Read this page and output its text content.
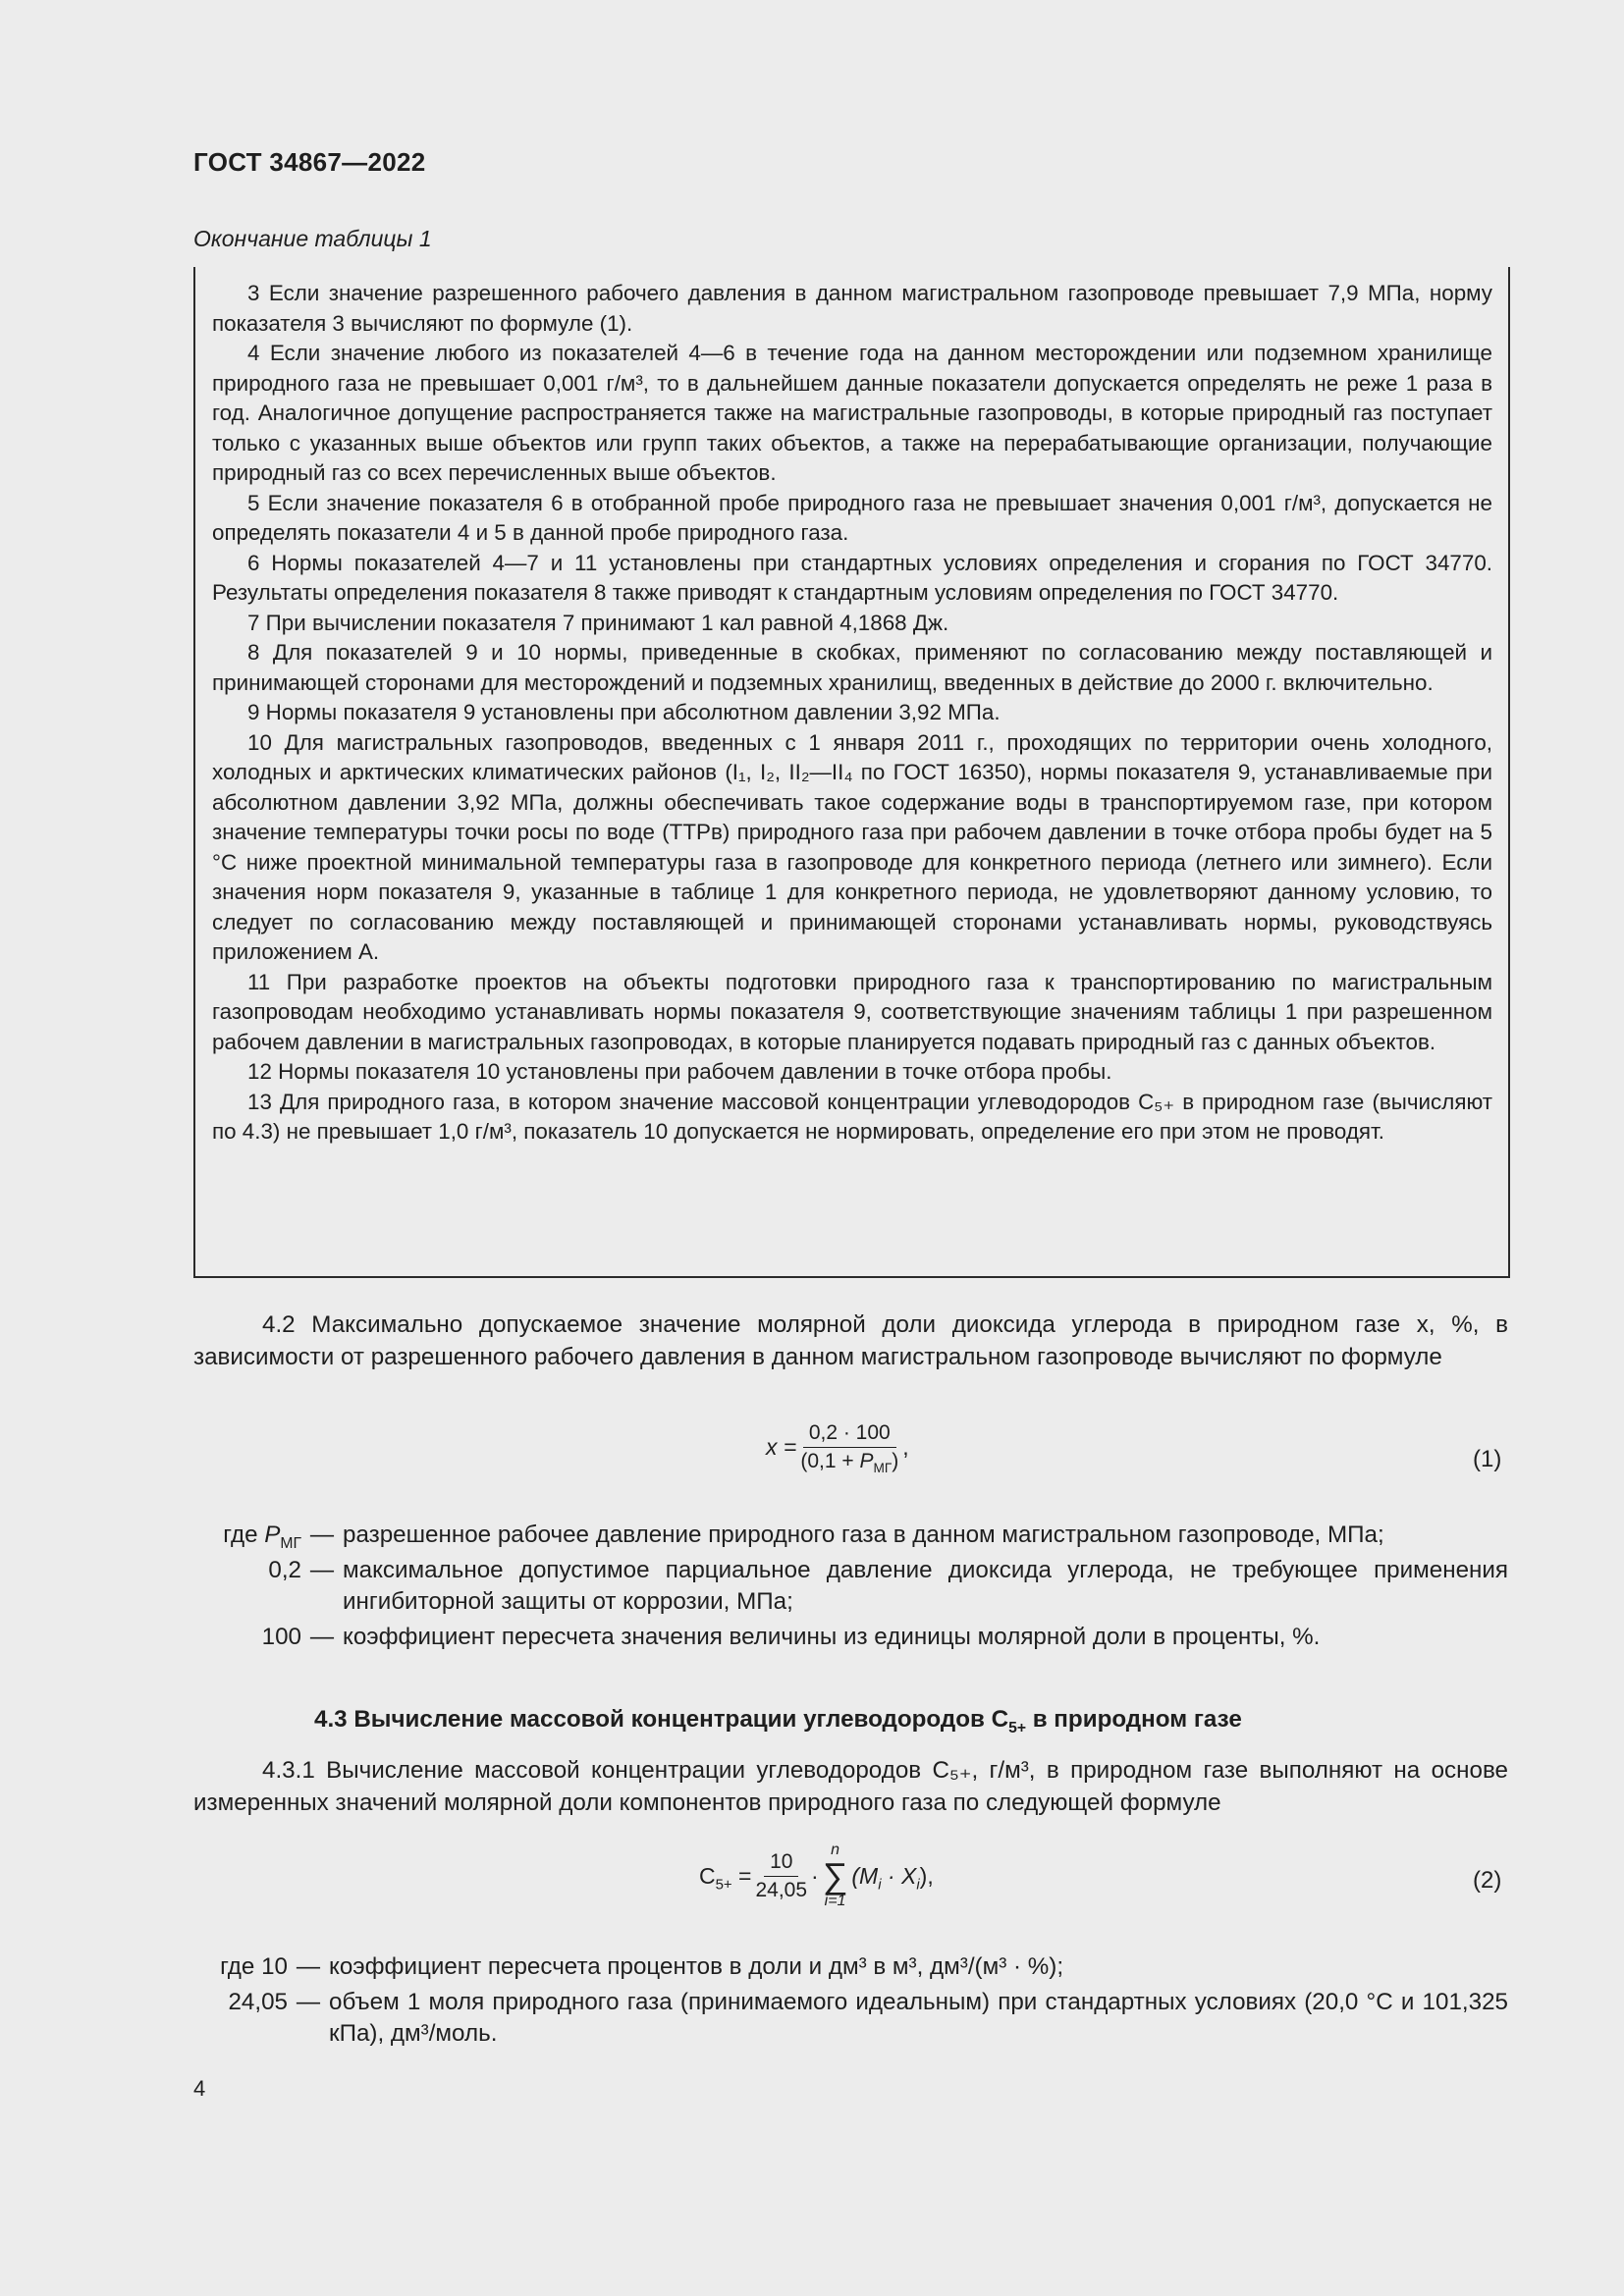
ГОСТ 34867—2022
Окончание таблицы 1

3 Если значение разрешенного рабочего давления в данном магистральном газопроводе превышает 7,9 МПа, норму показателя 3 вычисляют по формуле (1).

4 Если значение любого из показателей 4—6 в течение года на данном месторождении или подземном хранилище природного газа не превышает 0,001 г/м³, то в дальнейшем данные показатели допускается определять не реже 1 раза в год. Аналогичное допущение распространяется также на магистральные газопроводы, в которые природный газ поступает только с указанных выше объектов или групп таких объектов, а также на перерабатывающие организации, получающие природный газ со всех перечисленных выше объектов.

5 Если значение показателя 6 в отобранной пробе природного газа не превышает значения 0,001 г/м³, допускается не определять показатели 4 и 5 в данной пробе природного газа.

6 Нормы показателей 4—7 и 11 установлены при стандартных условиях определения и сгорания по ГОСТ 34770. Результаты определения показателя 8 также приводят к стандартным условиям определения по ГОСТ 34770.

7 При вычислении показателя 7 принимают 1 кал равной 4,1868 Дж.

8 Для показателей 9 и 10 нормы, приведенные в скобках, применяют по согласованию между поставляющей и принимающей сторонами для месторождений и подземных хранилищ, введенных в действие до 2000 г. включительно.

9 Нормы показателя 9 установлены при абсолютном давлении 3,92 МПа.

10 Для магистральных газопроводов, введенных с 1 января 2011 г., проходящих по территории очень холодного, холодных и арктических климатических районов (I₁, I₂, II₂—II₄ по ГОСТ 16350), нормы показателя 9, устанавливаемые при абсолютном давлении 3,92 МПа, должны обеспечивать такое содержание воды в транспортируемом газе, при котором значение температуры точки росы по воде (ТТРв) природного газа при рабочем давлении в точке отбора пробы будет на 5 °С ниже проектной минимальной температуры газа в газопроводе для конкретного периода (летнего или зимнего). Если значения норм показателя 9, указанные в таблице 1 для конкретного периода, не удовлетворяют данному условию, то следует по согласованию между поставляющей и принимающей сторонами устанавливать нормы, руководствуясь приложением А.

11 При разработке проектов на объекты подготовки природного газа к транспортированию по магистральным газопроводам необходимо устанавливать нормы показателя 9, соответствующие значениям таблицы 1 при разрешенном рабочем давлении в магистральных газопроводах, в которые планируется подавать природный газ с данных объектов.

12 Нормы показателя 10 установлены при рабочем давлении в точке отбора пробы.

13 Для природного газа, в котором значение массовой концентрации углеводородов C₅₊ в природном газе (вычисляют по 4.3) не превышает 1,0 г/м³, показатель 10 допускается не нормировать, определение его при этом не проводят.

4.2 Максимально допускаемое значение молярной доли диоксида углерода в природном газе x, %, в зависимости от разрешенного рабочего давления в данном магистральном газопроводе вычисляют по формуле

$x = \frac{0,2 \cdot 100}{(0,1 + P_{МГ})}$ ,	(1)
где $P_{МГ}$ — разрешенное рабочее давление природного газа в данном магистральном газопроводе, МПа;
0,2 — максимальное допустимое парциальное давление диоксида углерода, не требующее применения ингибиторной защиты от коррозии, МПа;
100 — коэффициент пересчета значения величины из единицы молярной доли в проценты, %.
4.3 Вычисление массовой концентрации углеводородов $C_{5+}$ в природном газе

4.3.1 Вычисление массовой концентрации углеводородов C₅₊, г/м³, в природном газе выполняют на основе измеренных значений молярной доли компонентов природного газа по следующей формуле

$C_{5+} = \frac{10}{24,05}$ ·
n
∑
i=1
$(M_i \cdot X_i)$,	(2)
где 10 — коэффициент пересчета процентов в доли и дм³ в м³, дм³/(м³ · %);
24,05 — объем 1 моля природного газа (принимаемого идеальным) при стандартных условиях (20,0 °С и 101,325 кПа), дм³/моль.
4
